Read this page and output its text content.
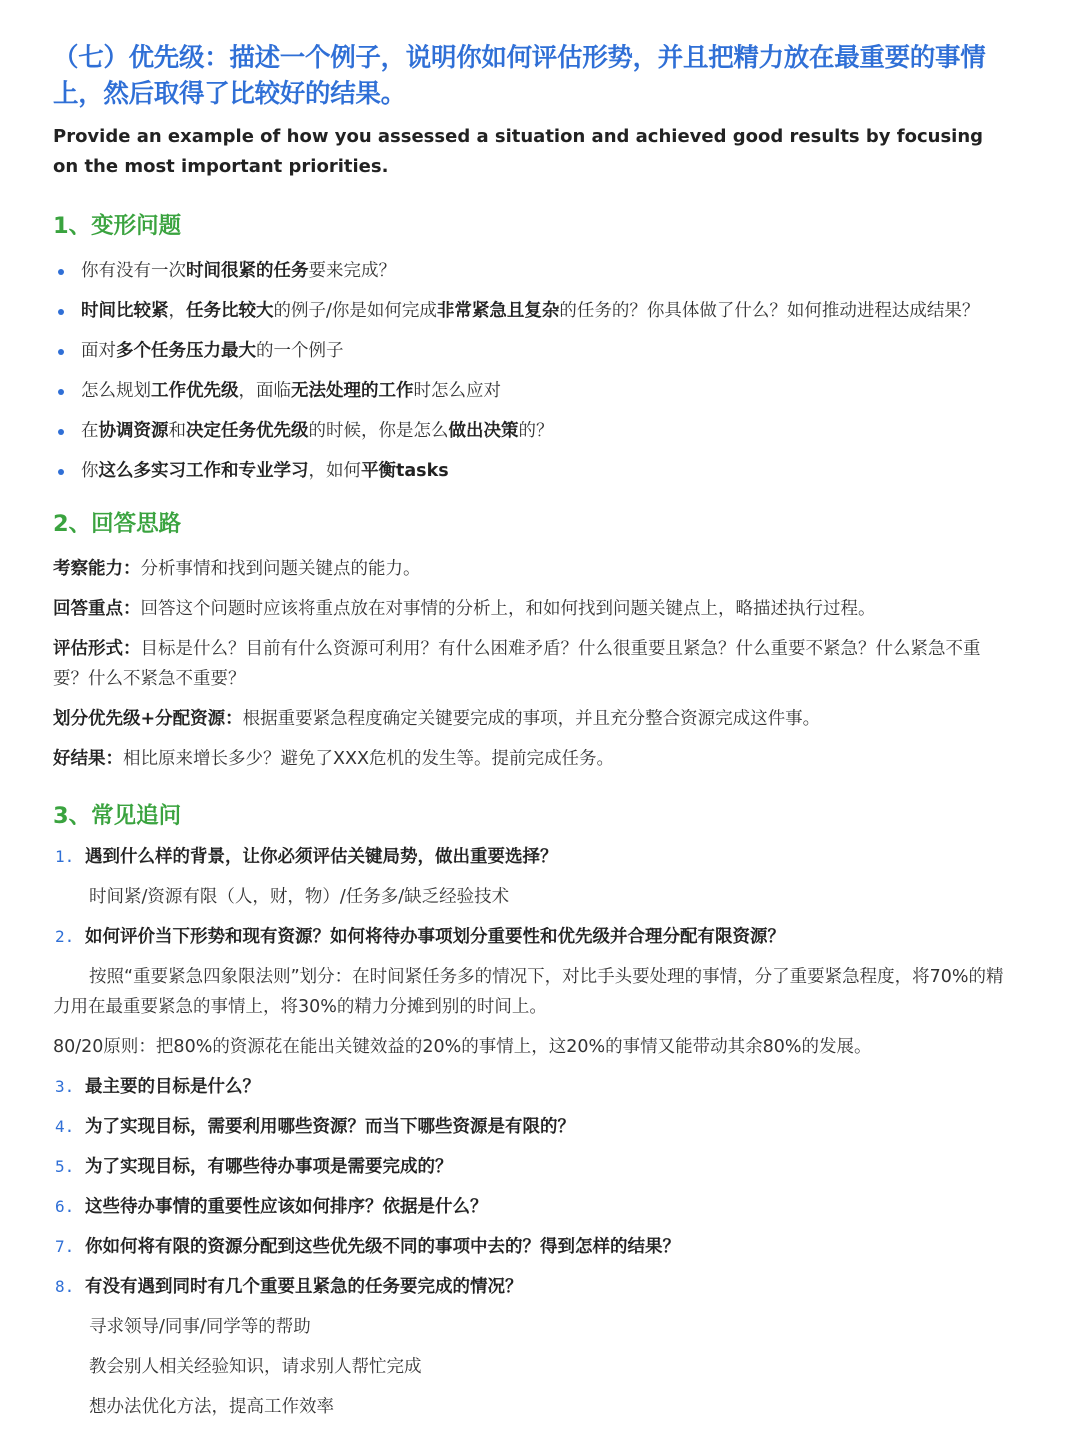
（七）优先级：描述一个例子，说明你如何评估形势，并且把精力放在最重要的事情上，然后取得了比较好的结果。

Provide an example of how you assessed a situation and achieved good results by focusing on the most important priorities.

1、变形问题
你有没有一次时间很紧的任务要来完成？
时间比较紧，任务比较大的例子/你是如何完成非常紧急且复杂的任务的？你具体做了什么？如何推动进程达成结果？
面对多个任务压力最大的一个例子
怎么规划工作优先级，面临无法处理的工作时怎么应对
在协调资源和决定任务优先级的时候，你是怎么做出决策的？
你这么多实习工作和专业学习，如何平衡tasks
2、回答思路

考察能力：分析事情和找到问题关键点的能力。

回答重点：回答这个问题时应该将重点放在对事情的分析上，和如何找到问题关键点上，略描述执行过程。

评估形式：目标是什么？目前有什么资源可利用？有什么困难矛盾？什么很重要且紧急？什么重要不紧急？什么紧急不重要？什么不紧急不重要？

划分优先级+分配资源：根据重要紧急程度确定关键要完成的事项，并且充分整合资源完成这件事。

好结果：相比原来增长多少？避免了XXX危机的发生等。提前完成任务。

3、常见追问
1. 遇到什么样的背景，让你必须评估关键局势，做出重要选择？

时间紧/资源有限（人，财，物）/任务多/缺乏经验技术

2. 如何评价当下形势和现有资源？如何将待办事项划分重要性和优先级并合理分配有限资源？

按照“重要紧急四象限法则”划分：在时间紧任务多的情况下，对比手头要处理的事情，分了重要紧急程度，将70%的精力用在最重要紧急的事情上，将30%的精力分摊到别的时间上。

80/20原则：把80%的资源花在能出关键效益的20%的事情上，这20%的事情又能带动其余80%的发展。

3. 最主要的目标是什么？
4. 为了实现目标，需要利用哪些资源？而当下哪些资源是有限的？
5. 为了实现目标，有哪些待办事项是需要完成的？
6. 这些待办事情的重要性应该如何排序？依据是什么？
7. 你如何将有限的资源分配到这些优先级不同的事项中去的？得到怎样的结果？
8. 有没有遇到同时有几个重要且紧急的任务要完成的情况？

寻求领导/同事/同学等的帮助

教会别人相关经验知识，请求别人帮忙完成

想办法优化方法，提高工作效率
